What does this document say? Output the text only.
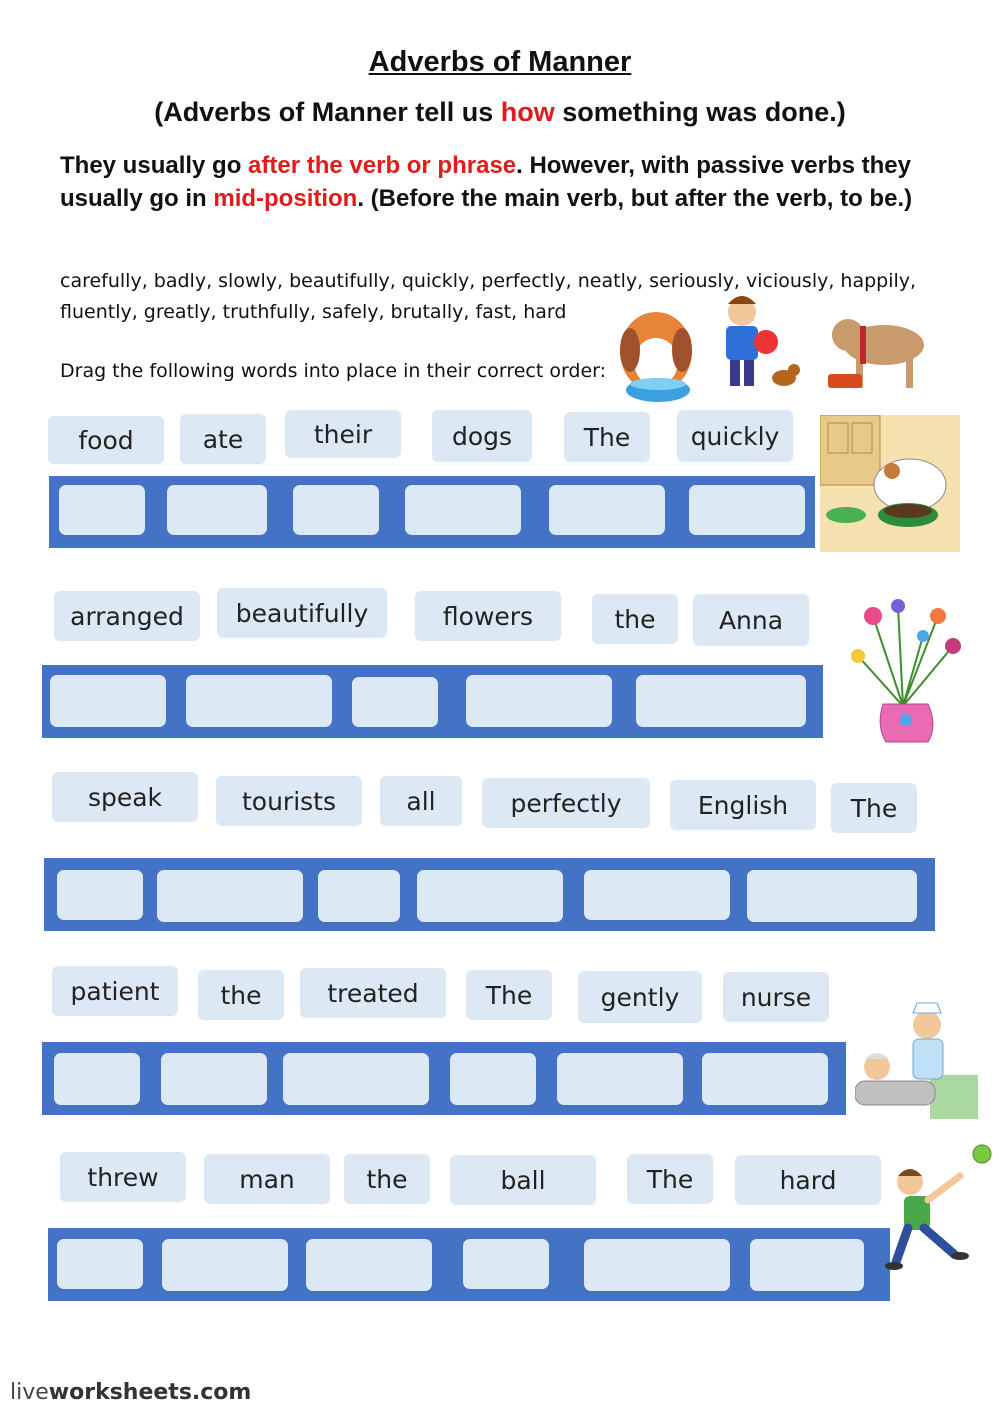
Adverbs of Manner
(Adverbs of Manner tell us how something was done.)
They usually go after the verb or phrase. However, with passive verbs they usually go in mid-position. (Before the main verb, but after the verb, to be.)
carefully, badly, slowly, beautifully, quickly, perfectly, neatly, seriously, viciously, happily, fluently, greatly, truthfully, safely, brutally, fast, hard
Drag the following words into place in their correct order:
food	ate	their	dogs	The	quickly
arranged	beautifully	flowers	the	Anna
speak	tourists	all	perfectly	English	The
patient	the	treated	The	gently	nurse
threw	man	the	ball	The	hard
liveworksheets.com
